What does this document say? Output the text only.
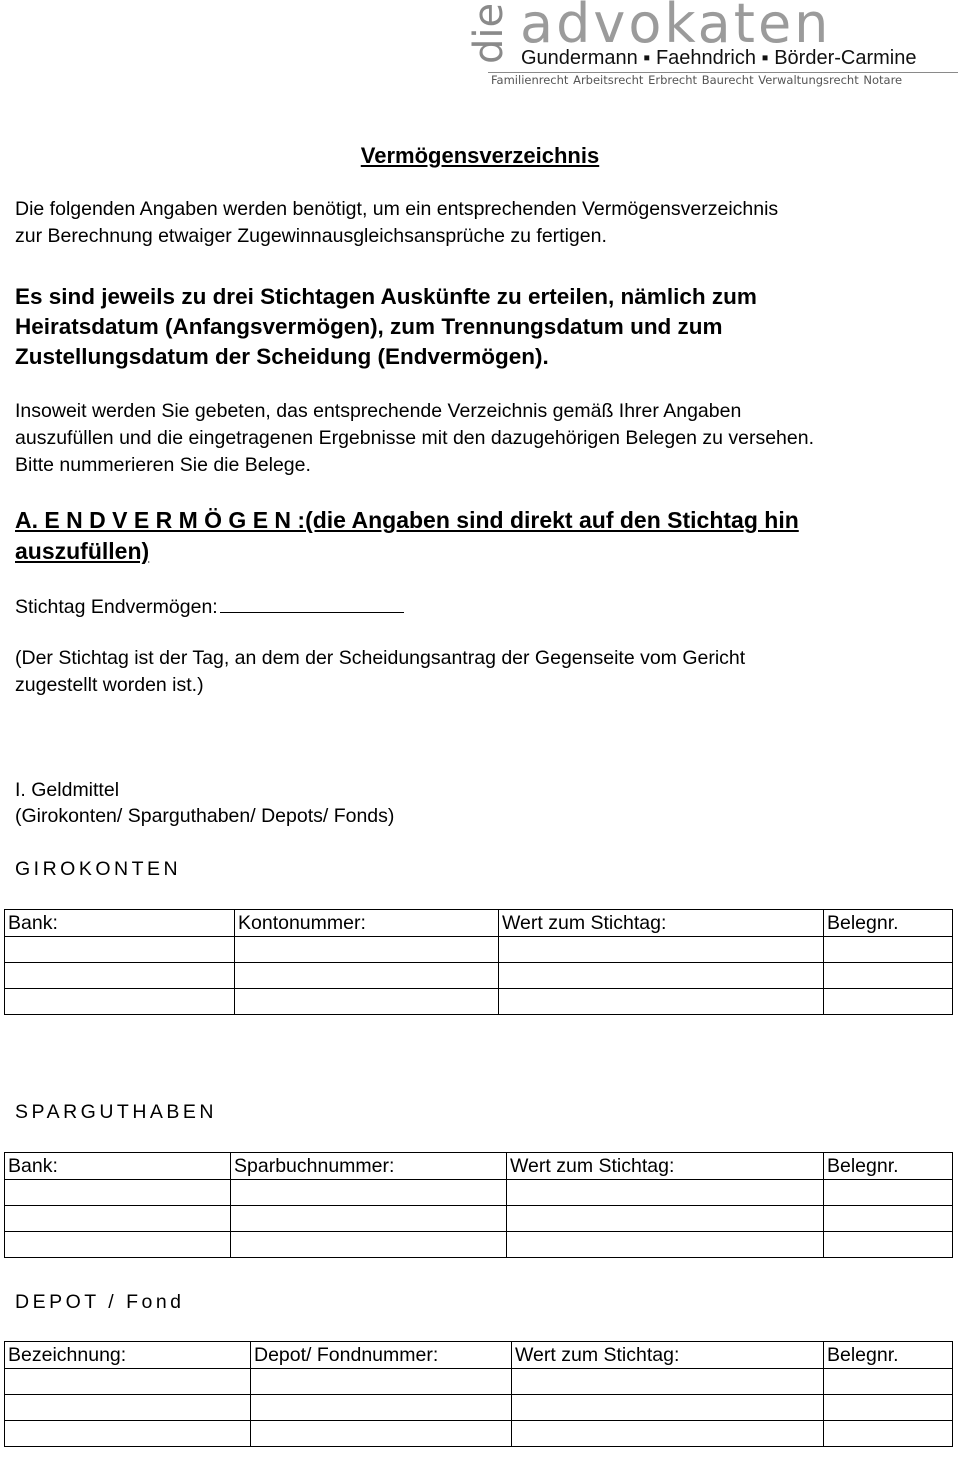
die advokaten
Gundermann ▪ Faehndrich ▪ Börder-Carmine
Familienrecht Arbeitsrecht Erbrecht Baurecht Verwaltungsrecht Notare
Vermögensverzeichnis
Die folgenden Angaben werden benötigt, um ein entsprechenden Vermögensverzeichnis
zur Berechnung etwaiger Zugewinnausgleichsansprüche zu fertigen.
Es sind jeweils zu drei Stichtagen Auskünfte zu erteilen, nämlich zum
Heiratsdatum (Anfangsvermögen), zum Trennungsdatum und zum
Zustellungsdatum der Scheidung (Endvermögen).
Insoweit werden Sie gebeten, das entsprechende Verzeichnis gemäß Ihrer Angaben
auszufüllen und die eingetragenen Ergebnisse mit den dazugehörigen Belegen zu versehen.
Bitte nummerieren Sie die Belege.
A. E N D V E R M Ö G E N :(die Angaben sind direkt auf den Stichtag hin
auszufüllen)
Stichtag Endvermögen:
(Der Stichtag ist der Tag, an dem der Scheidungsantrag der Gegenseite vom Gericht
zugestellt worden ist.)
I. Geldmittel
(Girokonten/ Sparguthaben/ Depots/ Fonds)
GIROKONTEN
Bank:	Kontonummer:	Wert zum Stichtag:	Belegnr.

SPARGUTHABEN
Bank:	Sparbuchnummer:	Wert zum Stichtag:	Belegnr.

DEPOT / Fond
Bezeichnung:	Depot/ Fondnummer:	Wert zum Stichtag:	Belegnr.
